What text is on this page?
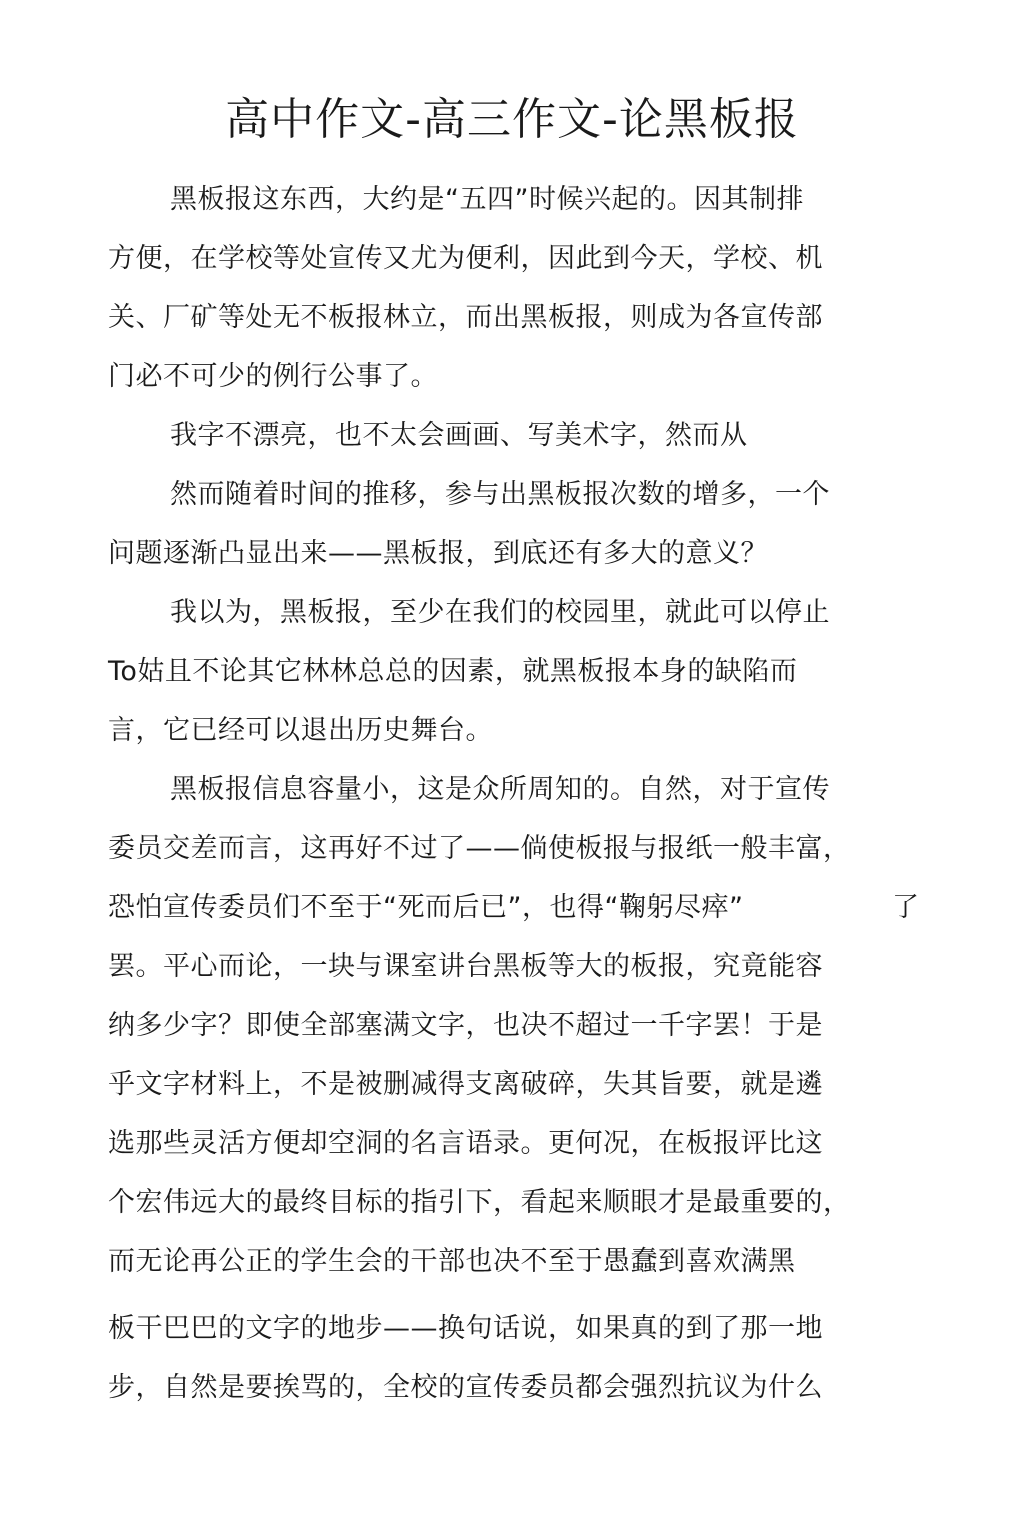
高中作文-高三作文-论黑板报
黑板报这东西，大约是“五四”时候兴起的。因其制排
方便，在学校等处宣传又尤为便利，因此到今天，学校、机
关、厂矿等处无不板报林立，而出黑板报，则成为各宣传部
门必不可少的例行公事了。
我字不漂亮，也不太会画画、写美术字，然而从
然而随着时间的推移，参与出黑板报次数的增多，一个
问题逐渐凸显出来——黑板报，到底还有多大的意义？
我以为，黑板报，至少在我们的校园里，就此可以停止
To姑且不论其它林林总总的因素，就黑板报本身的缺陷而
言，它已经可以退出历史舞台。
黑板报信息容量小，这是众所周知的。自然，对于宣传
委员交差而言，这再好不过了——倘使板报与报纸一般丰富，
恐怕宣传委员们不至于“死而后已”，也得“鞠躬尽瘁”	了
罢。平心而论，一块与课室讲台黑板等大的板报，究竟能容
纳多少字？即使全部塞满文字，也决不超过一千字罢！于是
乎文字材料上，不是被删减得支离破碎，失其旨要，就是遴
选那些灵活方便却空洞的名言语录。更何况，在板报评比这
个宏伟远大的最终目标的指引下，看起来顺眼才是最重要的，
而无论再公正的学生会的干部也决不至于愚蠢到喜欢满黑
板干巴巴的文字的地步——换句话说，如果真的到了那一地
步，自然是要挨骂的，全校的宣传委员都会强烈抗议为什么
